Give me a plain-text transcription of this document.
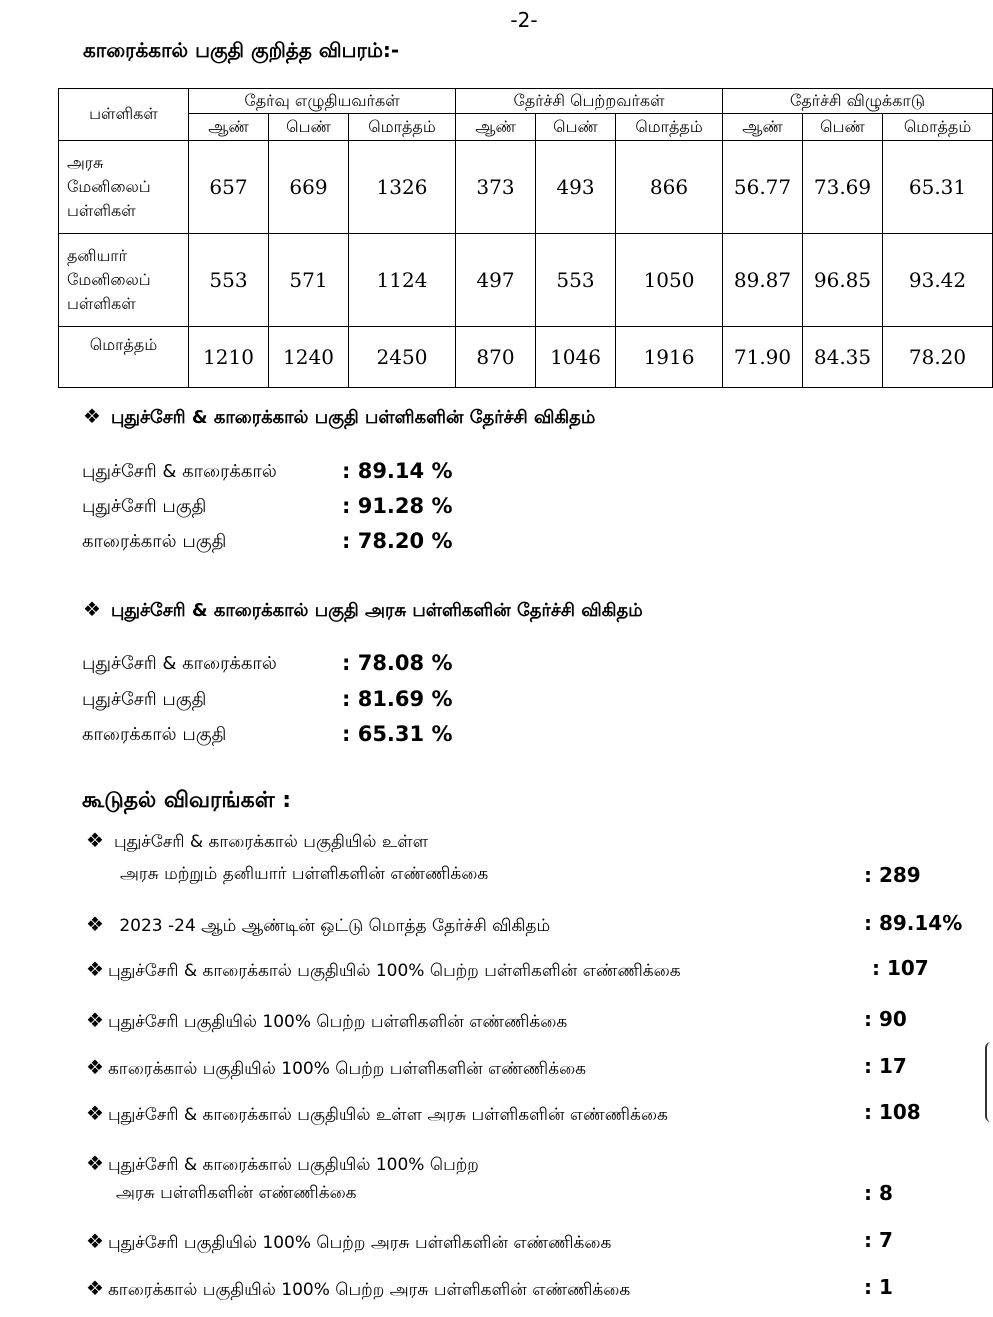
-2-
காரைக்கால் பகுதி குறித்த விபரம்:-
பள்ளிகள்	தேர்வு எழுதியவர்கள்			தேர்ச்சி பெற்றவர்கள்			தேர்ச்சி விழுக்காடு		
	ஆண்	பெண்	மொத்தம்	ஆண்	பெண்	மொத்தம்	ஆண்	பெண்	மொத்தம்

அரசு
மேனிலைப்
பள்ளிகள்	657	669	1326	373	493	866	56.77	73.69	65.31

தனியார்
மேனிலைப்
பள்ளிகள்	553	571	1124	497	553	1050	89.87	96.85	93.42
மொத்தம்	1210	1240	2450	870	1046	1916	71.90	84.35	78.20
❖ புதுச்சேரி & காரைக்கால் பகுதி பள்ளிகளின் தேர்ச்சி விகிதம்
புதுச்சேரி & காரைக்கால்	: 89.14 %
புதுச்சேரி பகுதி	: 91.28 %
காரைக்கால் பகுதி	: 78.20 %
❖ புதுச்சேரி & காரைக்கால் பகுதி அரசு பள்ளிகளின் தேர்ச்சி விகிதம்
புதுச்சேரி & காரைக்கால்	: 78.08 %
புதுச்சேரி பகுதி	: 81.69 %
காரைக்கால் பகுதி	: 65.31 %
கூடுதல் விவரங்கள் :
❖ புதுச்சேரி & காரைக்கால் பகுதியில் உள்ள
அரசு மற்றும் தனியார் பள்ளிகளின் எண்ணிக்கை	: 289
❖ 2023 -24 ஆம் ஆண்டின் ஒட்டு மொத்த தேர்ச்சி விகிதம்	: 89.14%
❖ புதுச்சேரி & காரைக்கால் பகுதியில் 100% பெற்ற பள்ளிகளின் எண்ணிக்கை	: 107
❖ புதுச்சேரி பகுதியில் 100% பெற்ற பள்ளிகளின் எண்ணிக்கை	: 90
❖ காரைக்கால் பகுதியில் 100% பெற்ற பள்ளிகளின் எண்ணிக்கை	: 17
❖ புதுச்சேரி & காரைக்கால் பகுதியில் உள்ள அரசு பள்ளிகளின் எண்ணிக்கை	: 108
❖ புதுச்சேரி & காரைக்கால் பகுதியில் 100% பெற்ற
அரசு பள்ளிகளின் எண்ணிக்கை	: 8
❖ புதுச்சேரி பகுதியில் 100% பெற்ற அரசு பள்ளிகளின் எண்ணிக்கை	: 7
❖ காரைக்கால் பகுதியில் 100% பெற்ற அரசு பள்ளிகளின் எண்ணிக்கை	: 1
